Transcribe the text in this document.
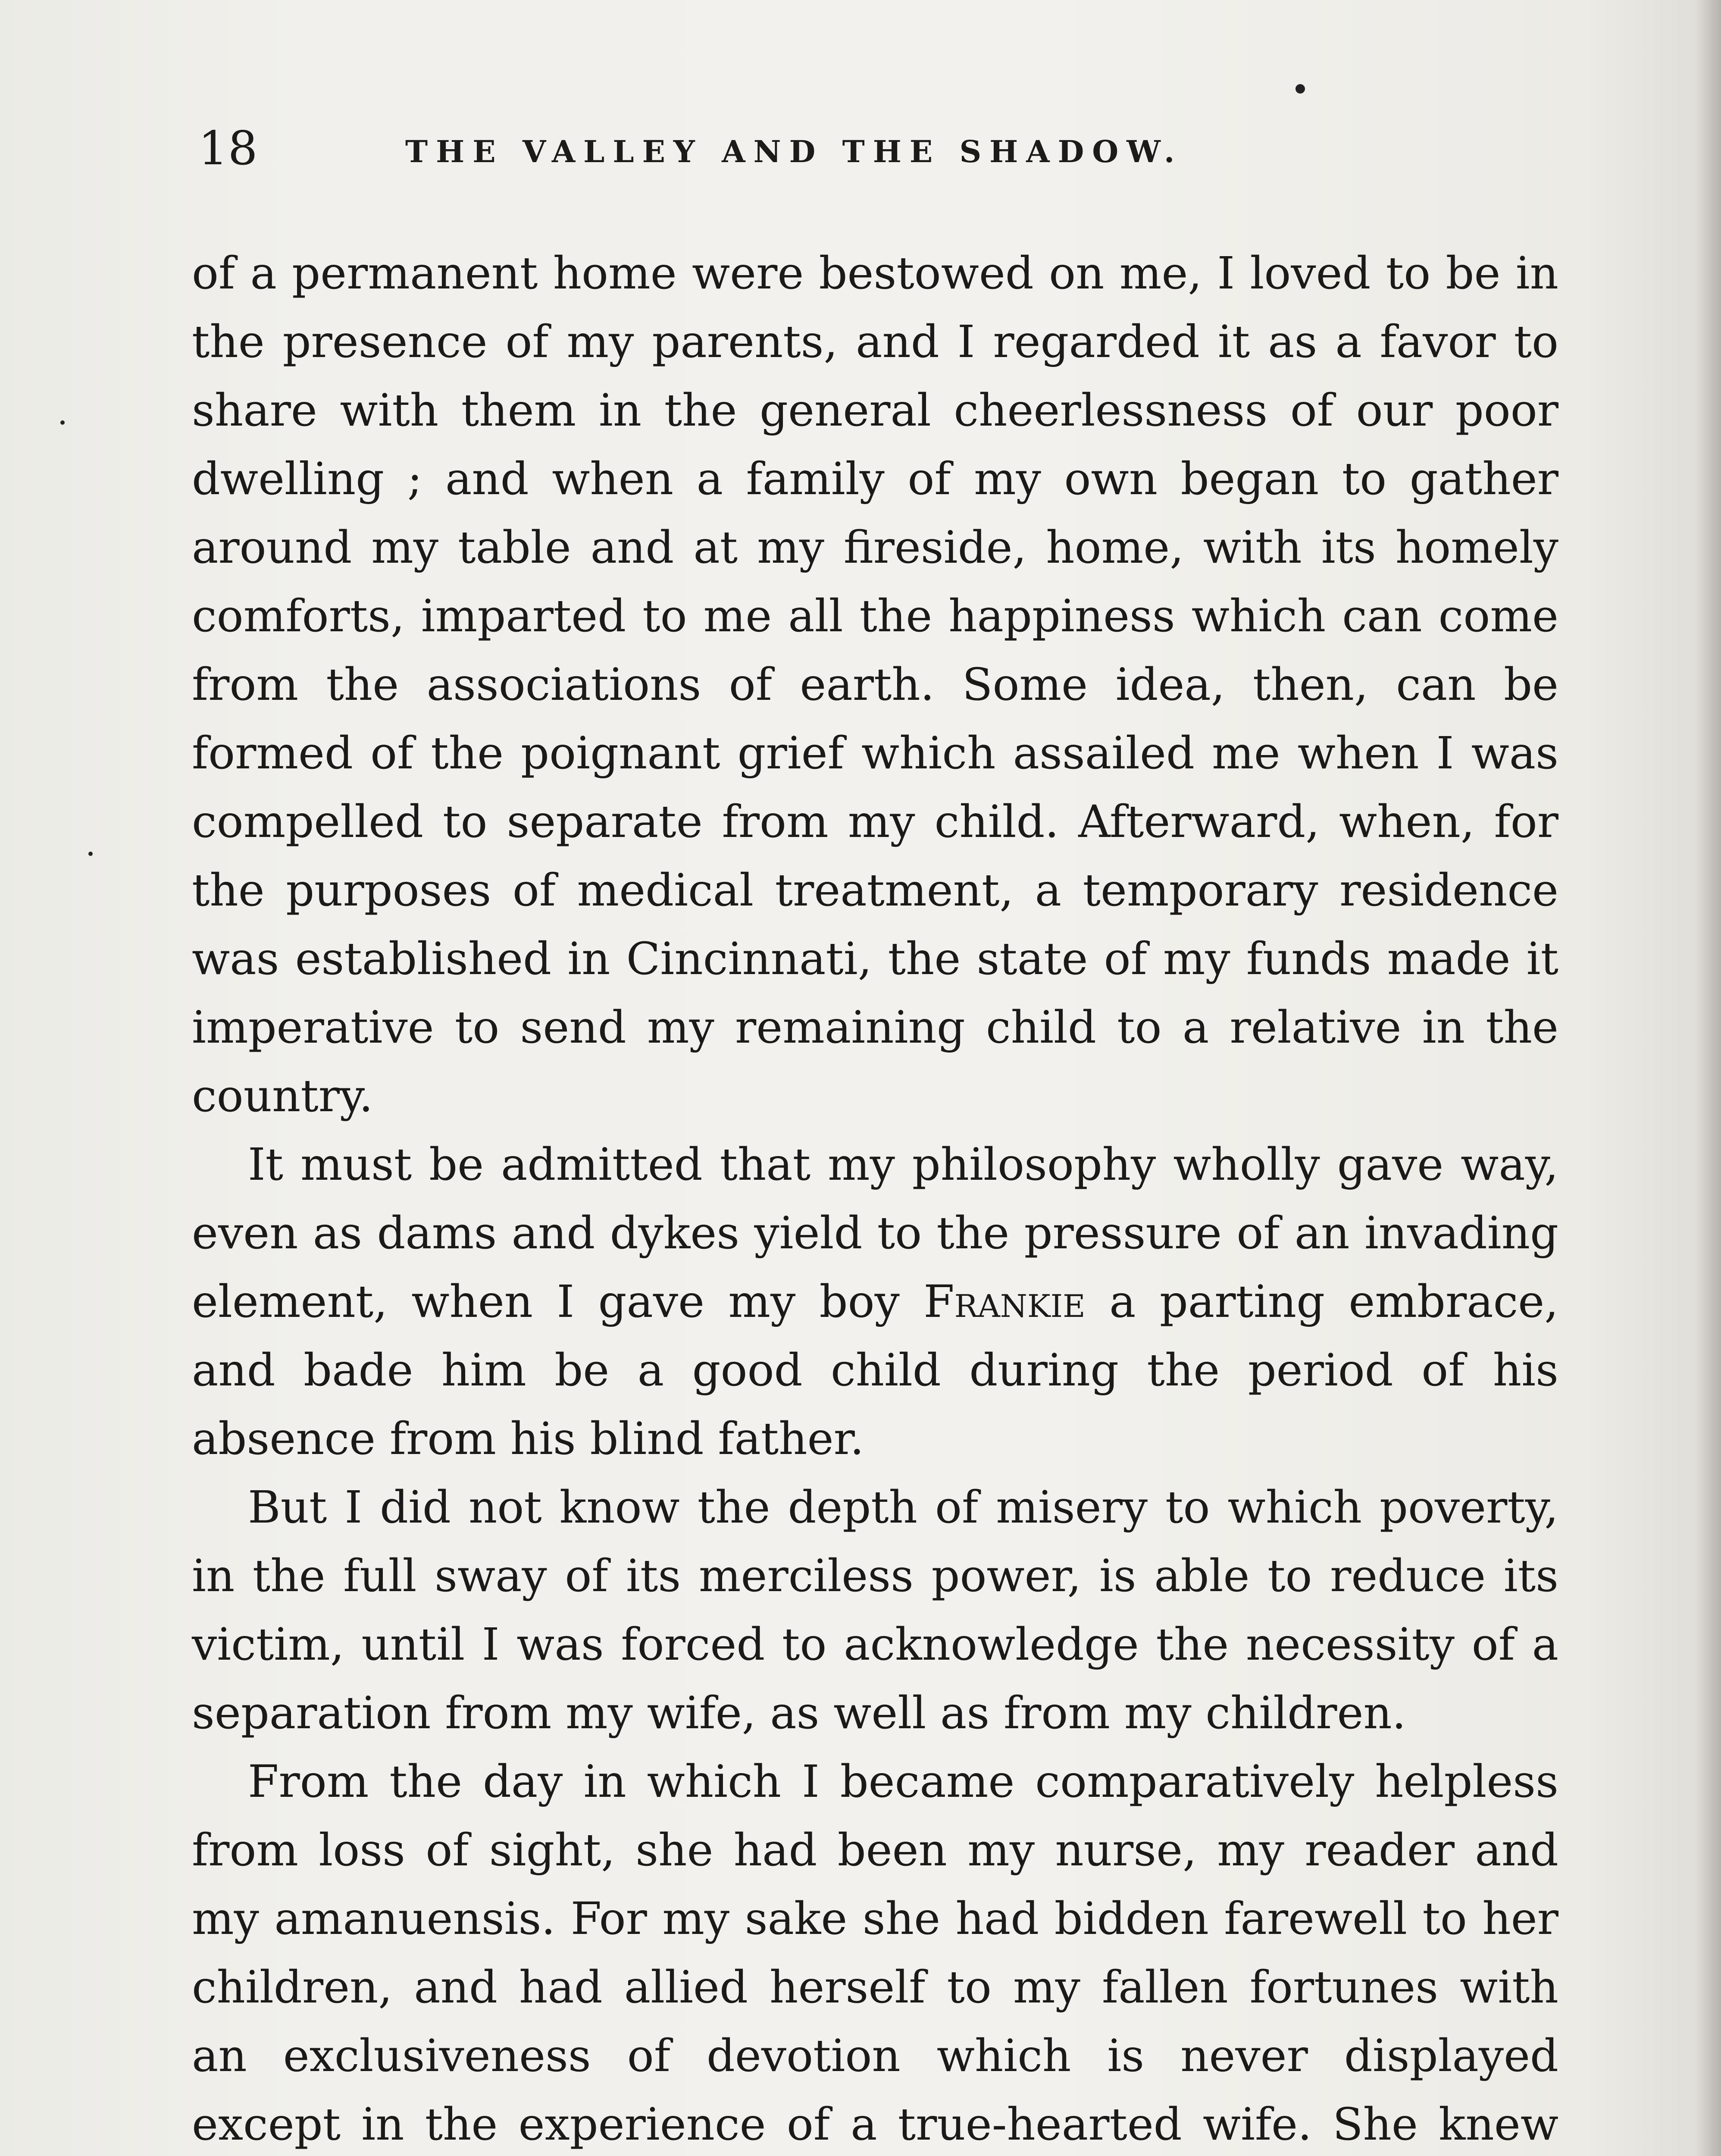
18	THE VALLEY AND THE SHADOW.

of a permanent home were bestowed on me, I loved to be in the presence of my parents, and I regarded it as a favor to share with them in the general cheerlessness of our poor dwelling ; and when a family of my own began to gather around my table and at my fireside, home, with its homely comforts, imparted to me all the happiness which can come from the associations of earth. Some idea, then, can be formed of the poignant grief which assailed me when I was compelled to separate from my child. Afterward, when, for the purposes of medical treatment, a temporary residence was established in Cincinnati, the state of my funds made it imperative to send my remaining child to a relative in the country.

It must be admitted that my philosophy wholly gave way, even as dams and dykes yield to the pressure of an invading element, when I gave my boy Frankie a parting embrace, and bade him be a good child during the period of his absence from his blind father.

But I did not know the depth of misery to which poverty, in the full sway of its merciless power, is able to reduce its victim, until I was forced to acknowledge the necessity of a separation from my wife, as well as from my children.

From the day in which I became comparatively helpless from loss of sight, she had been my nurse, my reader and my amanuensis. For my sake she had bidden farewell to her children, and had allied herself to my fallen fortunes with an exclusiveness of devotion which is never displayed except in the experience of a true-hearted wife. She knew
